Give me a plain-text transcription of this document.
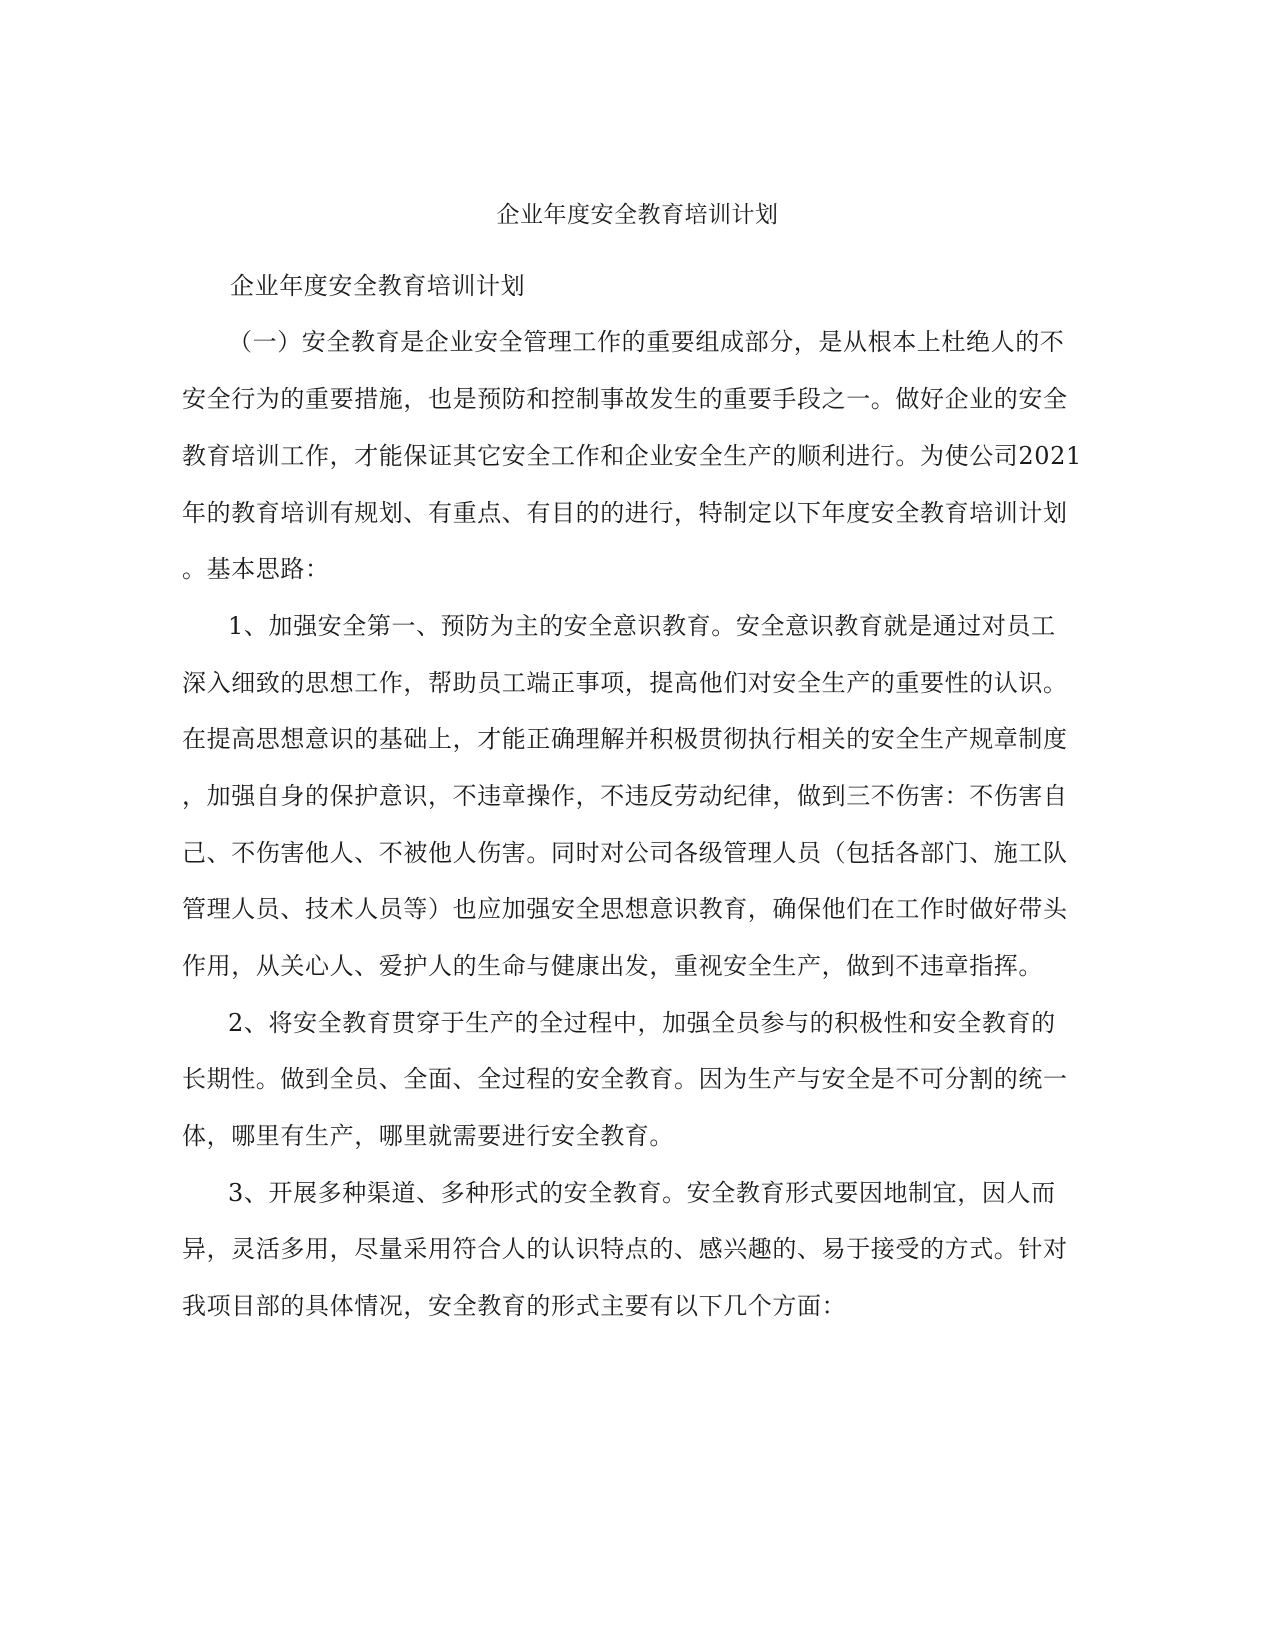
企业年度安全教育培训计划
企业年度安全教育培训计划
（一）安全教育是企业安全管理工作的重要组成部分，是从根本上杜绝人的不
安全行为的重要措施，也是预防和控制事故发生的重要手段之一。做好企业的安全
教育培训工作，才能保证其它安全工作和企业安全生产的顺利进行。为使公司2021
年的教育培训有规划、有重点、有目的的进行，特制定以下年度安全教育培训计划
。基本思路：
1、加强安全第一、预防为主的安全意识教育。安全意识教育就是通过对员工
深入细致的思想工作，帮助员工端正事项，提高他们对安全生产的重要性的认识。
在提高思想意识的基础上，才能正确理解并积极贯彻执行相关的安全生产规章制度
，加强自身的保护意识，不违章操作，不违反劳动纪律，做到三不伤害：不伤害自
己、不伤害他人、不被他人伤害。同时对公司各级管理人员（包括各部门、施工队
管理人员、技术人员等）也应加强安全思想意识教育，确保他们在工作时做好带头
作用，从关心人、爱护人的生命与健康出发，重视安全生产，做到不违章指挥。
2、将安全教育贯穿于生产的全过程中，加强全员参与的积极性和安全教育的
长期性。做到全员、全面、全过程的安全教育。因为生产与安全是不可分割的统一
体，哪里有生产，哪里就需要进行安全教育。
3、开展多种渠道、多种形式的安全教育。安全教育形式要因地制宜，因人而
异，灵活多用，尽量采用符合人的认识特点的、感兴趣的、易于接受的方式。针对
我项目部的具体情况，安全教育的形式主要有以下几个方面：
